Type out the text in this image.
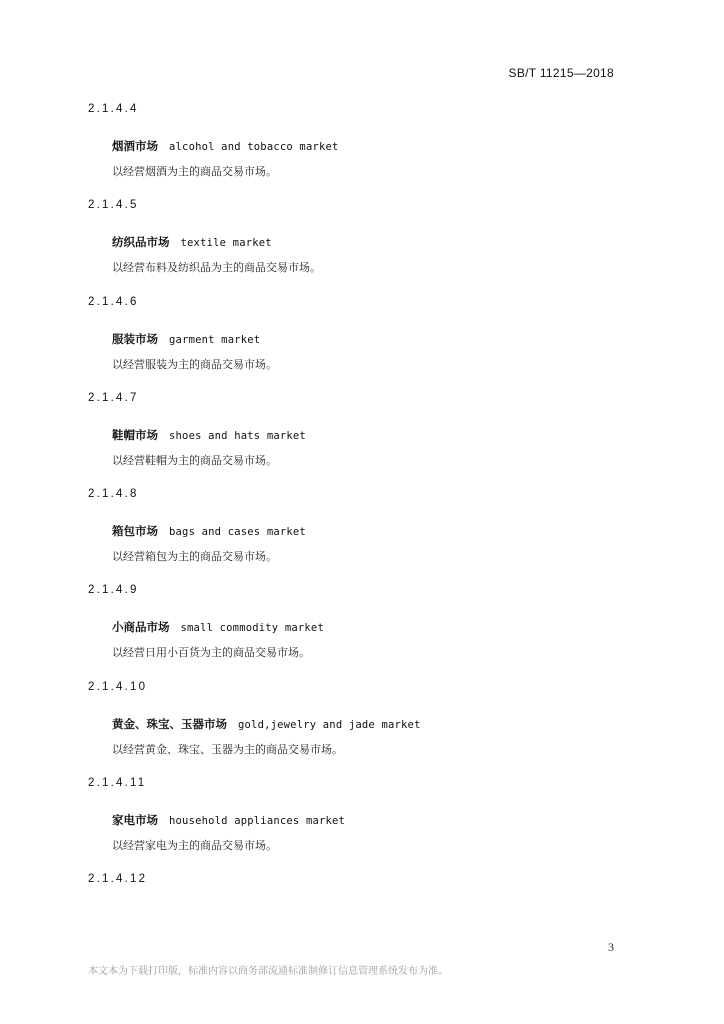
SB/T 11215—2018
2.1.4.4
烟酒市场 alcohol and tobacco market
以经营烟酒为主的商品交易市场。
2.1.4.5
纺织品市场 textile market
以经营布料及纺织品为主的商品交易市场。
2.1.4.6
服装市场 garment market
以经营服装为主的商品交易市场。
2.1.4.7
鞋帽市场 shoes and hats market
以经营鞋帽为主的商品交易市场。
2.1.4.8
箱包市场 bags and cases market
以经营箱包为主的商品交易市场。
2.1.4.9
小商品市场 small commodity market
以经营日用小百货为主的商品交易市场。
2.1.4.10
黄金、珠宝、玉器市场 gold,jewelry and jade market
以经营黄金、珠宝、玉器为主的商品交易市场。
2.1.4.11
家电市场 household appliances market
以经营家电为主的商品交易市场。
2.1.4.12
3
本文本为下载打印版，标准内容以商务部流通标准制修订信息管理系统发布为准。
